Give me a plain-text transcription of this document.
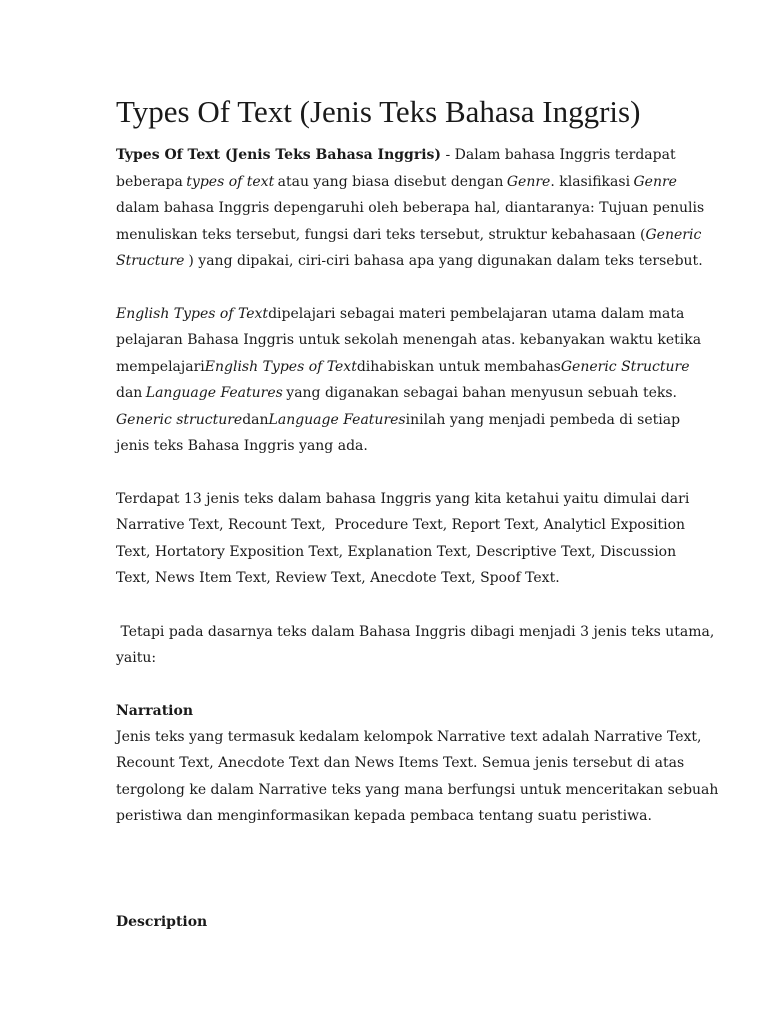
Types Of Text (Jenis Teks Bahasa Inggris)
Types Of Text (Jenis Teks Bahasa Inggris) - Dalam bahasa Inggris terdapat
beberapa types of text atau yang biasa disebut dengan Genre. klasifikasi Genre
dalam bahasa Inggris depengaruhi oleh beberapa hal, diantaranya: Tujuan penulis
menuliskan teks tersebut, fungsi dari teks tersebut, struktur kebahasaan ( Generic
Structure ) yang dipakai, ciri-ciri bahasa apa yang digunakan dalam teks tersebut.
English Types of Text dipelajari sebagai materi pembelajaran utama dalam mata
pelajaran Bahasa Inggris untuk sekolah menengah atas. kebanyakan waktu ketika
mempelajari English Types of Text dihabiskan untuk membahas Generic Structure
dan Language Features yang diganakan sebagai bahan menyusun sebuah teks.
Generic structure dan Language Features inilah yang menjadi pembeda di setiap
jenis teks Bahasa Inggris yang ada.
Terdapat 13 jenis teks dalam bahasa Inggris yang kita ketahui yaitu dimulai dari
Narrative Text, Recount Text,  Procedure Text, Report Text, Analyticl Exposition
Text, Hortatory Exposition Text, Explanation Text, Descriptive Text, Discussion
Text, News Item Text, Review Text, Anecdote Text, Spoof Text.
Tetapi pada dasarnya teks dalam Bahasa Inggris dibagi menjadi 3 jenis teks utama,
yaitu:
Narration
Jenis teks yang termasuk kedalam kelompok Narrative text adalah Narrative Text,
Recount Text, Anecdote Text dan News Items Text. Semua jenis tersebut di atas
tergolong ke dalam Narrative teks yang mana berfungsi untuk menceritakan sebuah
peristiwa dan menginformasikan kepada pembaca tentang suatu peristiwa.
Description
